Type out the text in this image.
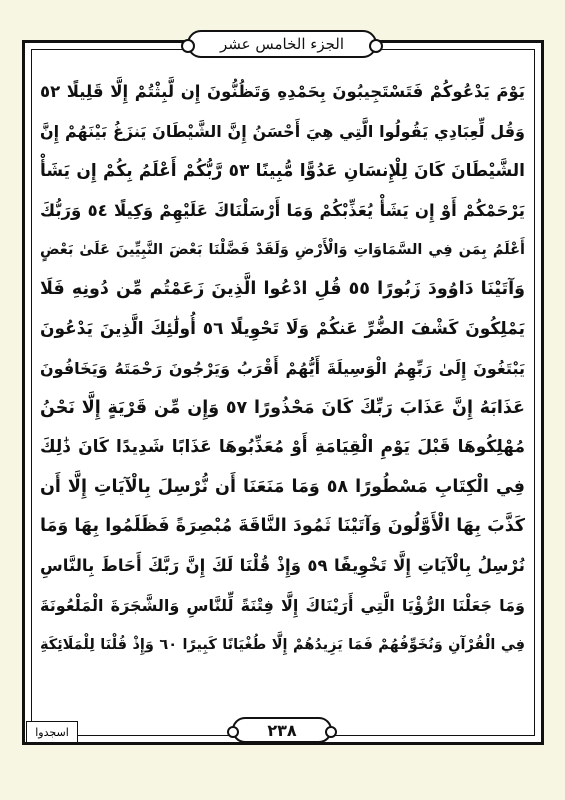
الجزء الخامس عشر
يَوْمَ يَدْعُوكُمْ فَتَسْتَجِيبُونَ بِحَمْدِهِ وَتَظُنُّونَ إِن لَّبِثْتُمْ إِلَّا قَلِيلًا ٥٢
وَقُل لِّعِبَادِي يَقُولُوا الَّتِي هِيَ أَحْسَنُ إِنَّ الشَّيْطَانَ يَنزَغُ بَيْنَهُمْ إِنَّ
الشَّيْطَانَ كَانَ لِلْإِنسَانِ عَدُوًّا مُّبِينًا ٥٣ رَّبُّكُمْ أَعْلَمُ بِكُمْ إِن يَشَأْ
يَرْحَمْكُمْ أَوْ إِن يَشَأْ يُعَذِّبْكُمْ وَمَا أَرْسَلْنَاكَ عَلَيْهِمْ وَكِيلًا ٥٤ وَرَبُّكَ
أَعْلَمُ بِمَن فِي السَّمَاوَاتِ وَالْأَرْضِ وَلَقَدْ فَضَّلْنَا بَعْضَ النَّبِيِّينَ عَلَىٰ بَعْضٍ
وَآتَيْنَا دَاوُودَ زَبُورًا ٥٥ قُلِ ادْعُوا الَّذِينَ زَعَمْتُم مِّن دُونِهِ فَلَا
يَمْلِكُونَ كَشْفَ الضُّرِّ عَنكُمْ وَلَا تَحْوِيلًا ٥٦ أُولَٰئِكَ الَّذِينَ يَدْعُونَ
يَبْتَغُونَ إِلَىٰ رَبِّهِمُ الْوَسِيلَةَ أَيُّهُمْ أَقْرَبُ وَيَرْجُونَ رَحْمَتَهُ وَيَخَافُونَ
عَذَابَهُ إِنَّ عَذَابَ رَبِّكَ كَانَ مَحْذُورًا ٥٧ وَإِن مِّن قَرْيَةٍ إِلَّا نَحْنُ
مُهْلِكُوهَا قَبْلَ يَوْمِ الْقِيَامَةِ أَوْ مُعَذِّبُوهَا عَذَابًا شَدِيدًا كَانَ ذَٰلِكَ
فِي الْكِتَابِ مَسْطُورًا ٥٨ وَمَا مَنَعَنَا أَن نُّرْسِلَ بِالْآيَاتِ إِلَّا أَن
كَذَّبَ بِهَا الْأَوَّلُونَ وَآتَيْنَا ثَمُودَ النَّاقَةَ مُبْصِرَةً فَظَلَمُوا بِهَا وَمَا
نُرْسِلُ بِالْآيَاتِ إِلَّا تَخْوِيفًا ٥٩ وَإِذْ قُلْنَا لَكَ إِنَّ رَبَّكَ أَحَاطَ بِالنَّاسِ
وَمَا جَعَلْنَا الرُّؤْيَا الَّتِي أَرَيْنَاكَ إِلَّا فِتْنَةً لِّلنَّاسِ وَالشَّجَرَةَ الْمَلْعُونَةَ
فِي الْقُرْآنِ وَنُخَوِّفُهُمْ فَمَا يَزِيدُهُمْ إِلَّا طُغْيَانًا كَبِيرًا ٦٠ وَإِذْ قُلْنَا لِلْمَلَائِكَةِ
اسجدوا	٢٣٨
